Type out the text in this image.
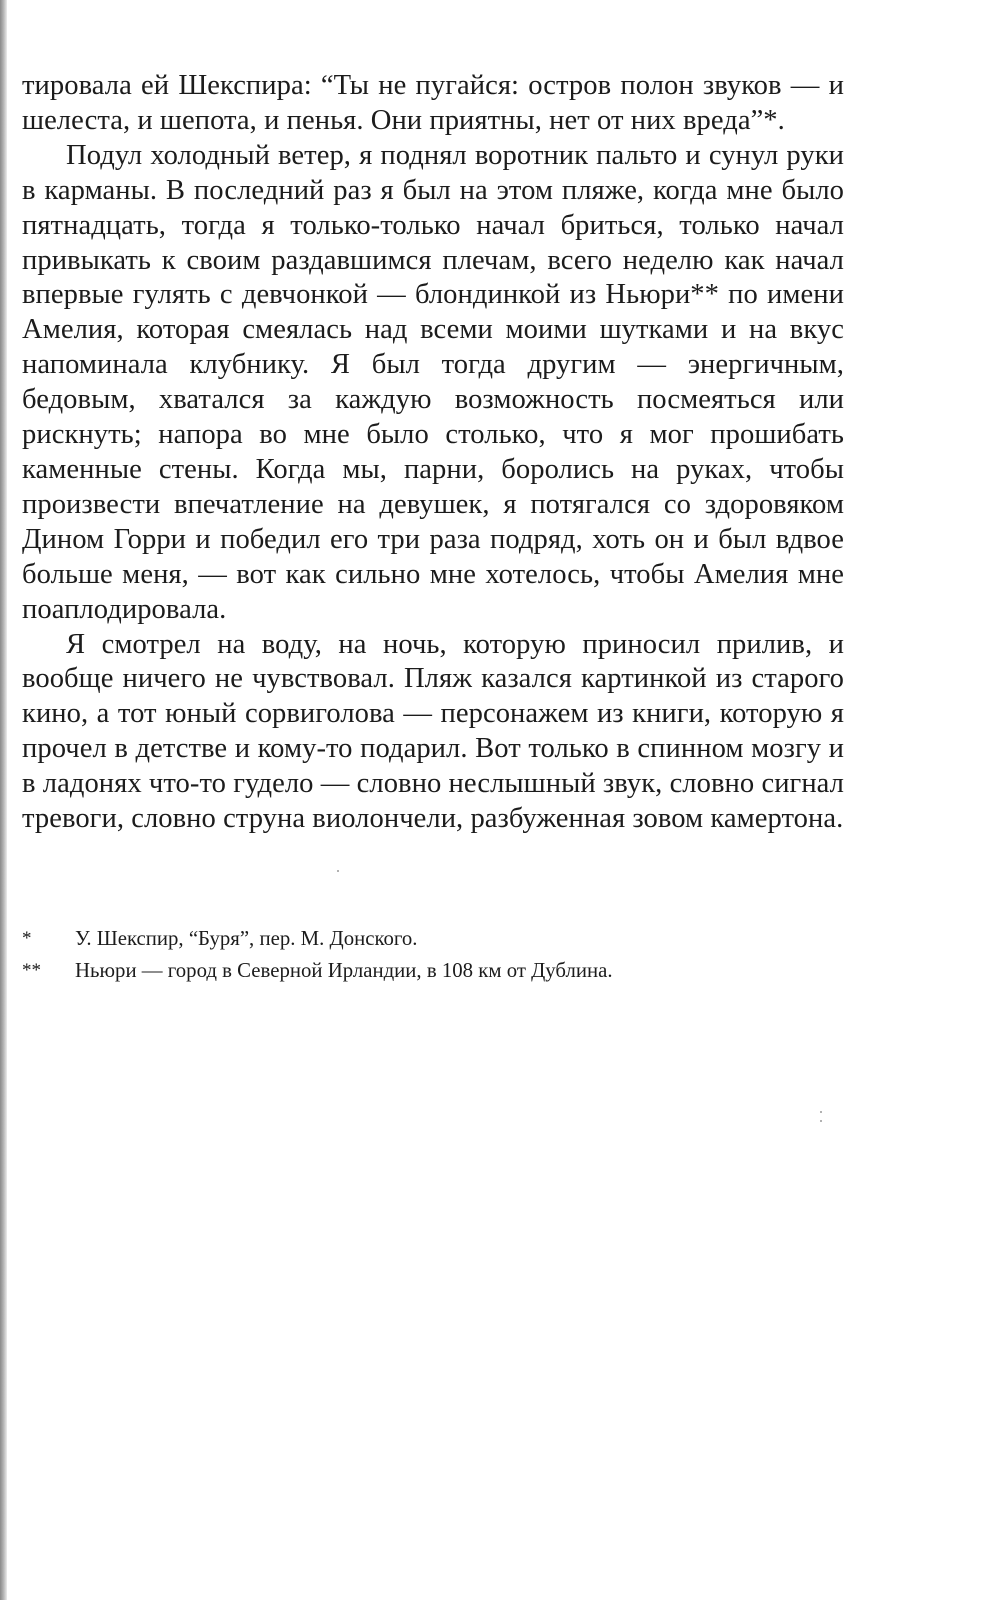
тировала ей Шекспира: “Ты не пугайся: остров полон звуков — и шелеста, и шепота, и пенья. Они приятны, нет от них вреда”*.

Подул холодный ветер, я поднял воротник пальто и сунул руки в карманы. В последний раз я был на этом пляже, когда мне было пятнадцать, тогда я только-только начал бриться, только начал привыкать к своим раздавшимся плечам, всего неделю как начал впервые гулять с девчонкой — блондинкой из Ньюри** по имени Амелия, которая смеялась над всеми моими шутками и на вкус напоминала клубнику. Я был тогда другим — энергичным, бедовым, хватался за каждую возможность посмеяться или рискнуть; напора во мне было столько, что я мог прошибать каменные стены. Когда мы, парни, боролись на руках, чтобы произвести впечатление на девушек, я потягался со здоровяком Дином Горри и победил его три раза подряд, хоть он и был вдвое больше меня, — вот как сильно мне хотелось, чтобы Амелия мне поаплодировала.

Я смотрел на воду, на ночь, которую приносил прилив, и вообще ничего не чувствовал. Пляж казался картинкой из старого кино, а тот юный сорвиголова — персонажем из книги, которую я прочел в детстве и кому-то подарил. Вот только в спинном мозгу и в ладонях что-то гудело — словно неслышный звук, словно сигнал тревоги, словно струна виолончели, разбуженная зовом камертона.

*	У. Шекспир, “Буря”, пер. М. Донского.
**	Ньюри — город в Северной Ирландии, в 108 км от Дублина.
